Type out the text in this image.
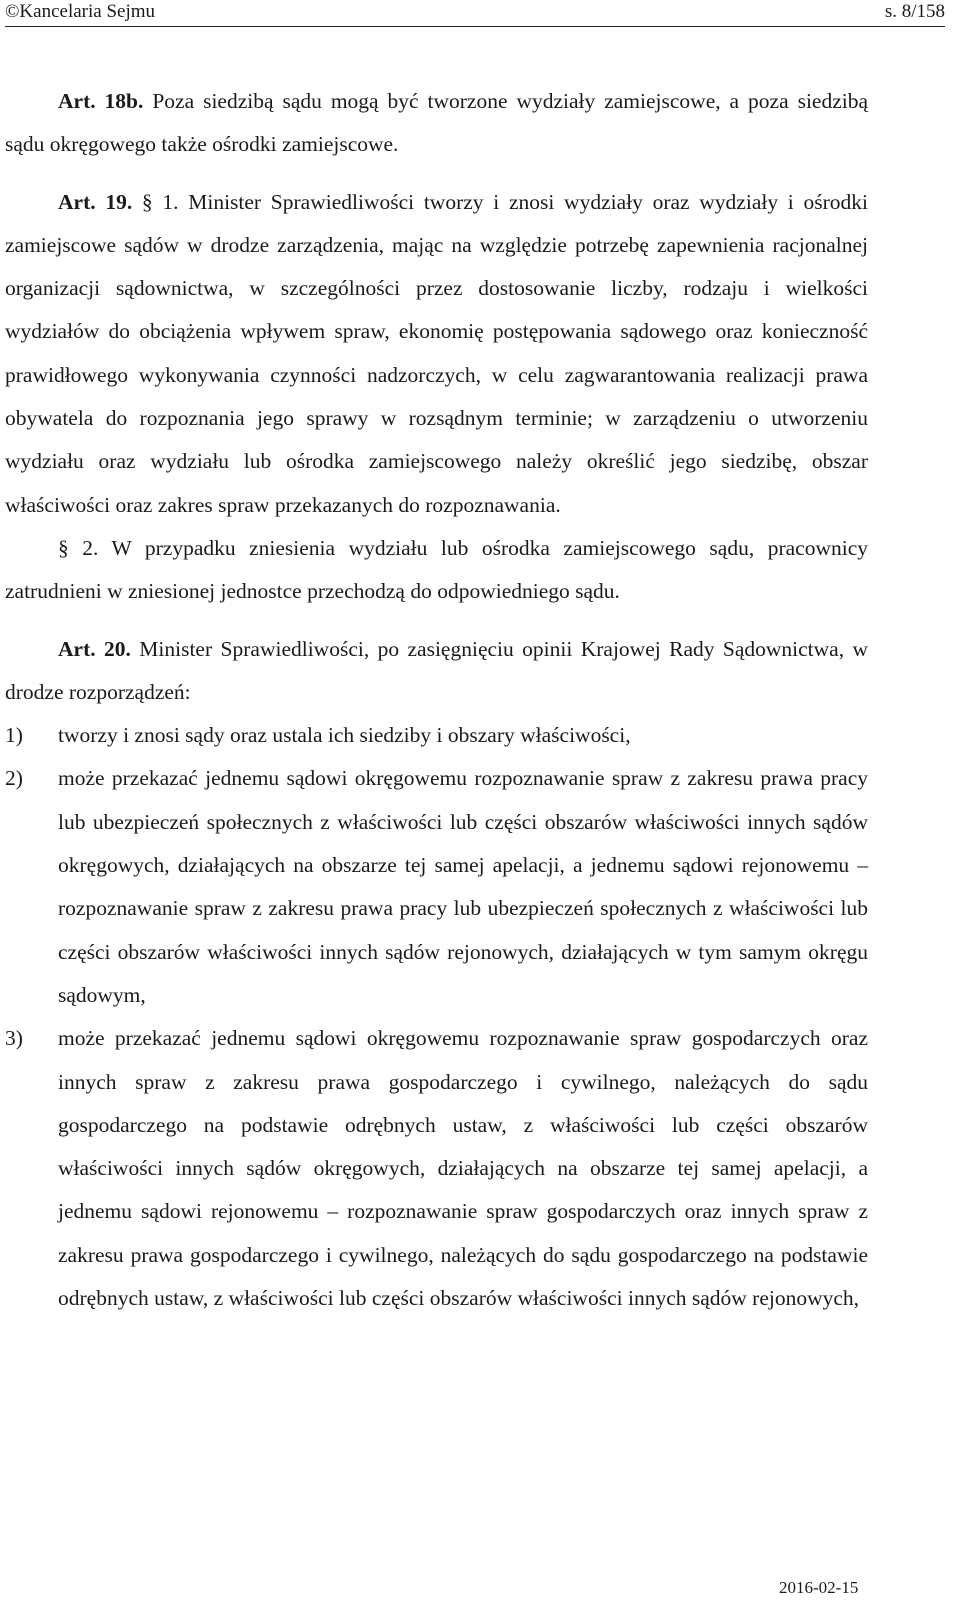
©Kancelaria Sejmu	s. 8/158

Art. 18b. Poza siedzibą sądu mogą być tworzone wydziały zamiejscowe, a poza siedzibą sądu okręgowego także ośrodki zamiejscowe.

Art. 19. § 1. Minister Sprawiedliwości tworzy i znosi wydziały oraz wydziały i ośrodki zamiejscowe sądów w drodze zarządzenia, mając na względzie potrzebę zapewnienia racjonalnej organizacji sądownictwa, w szczególności przez dostosowanie liczby, rodzaju i wielkości wydziałów do obciążenia wpływem spraw, ekonomię postępowania sądowego oraz konieczność prawidłowego wykonywania czynności nadzorczych, w celu zagwarantowania realizacji prawa obywatela do rozpoznania jego sprawy w rozsądnym terminie; w zarządzeniu o utworzeniu wydziału oraz wydziału lub ośrodka zamiejscowego należy określić jego siedzibę, obszar właściwości oraz zakres spraw przekazanych do rozpoznawania.

§ 2. W przypadku zniesienia wydziału lub ośrodka zamiejscowego sądu, pracownicy zatrudnieni w zniesionej jednostce przechodzą do odpowiedniego sądu.

Art. 20. Minister Sprawiedliwości, po zasięgnięciu opinii Krajowej Rady Sądownictwa, w drodze rozporządzeń:

1) tworzy i znosi sądy oraz ustala ich siedziby i obszary właściwości,
2) może przekazać jednemu sądowi okręgowemu rozpoznawanie spraw z zakresu prawa pracy lub ubezpieczeń społecznych z właściwości lub części obszarów właściwości innych sądów okręgowych, działających na obszarze tej samej apelacji, a jednemu sądowi rejonowemu – rozpoznawanie spraw z zakresu prawa pracy lub ubezpieczeń społecznych z właściwości lub części obszarów właściwości innych sądów rejonowych, działających w tym samym okręgu sądowym,
3) może przekazać jednemu sądowi okręgowemu rozpoznawanie spraw gospodarczych oraz innych spraw z zakresu prawa gospodarczego i cywilnego, należących do sądu gospodarczego na podstawie odrębnych ustaw, z właściwości lub części obszarów właściwości innych sądów okręgowych, działających na obszarze tej samej apelacji, a jednemu sądowi rejonowemu – rozpoznawanie spraw gospodarczych oraz innych spraw z zakresu prawa gospodarczego i cywilnego, należących do sądu gospodarczego na podstawie odrębnych ustaw, z właściwości lub części obszarów właściwości innych sądów rejonowych,
2016-02-15
